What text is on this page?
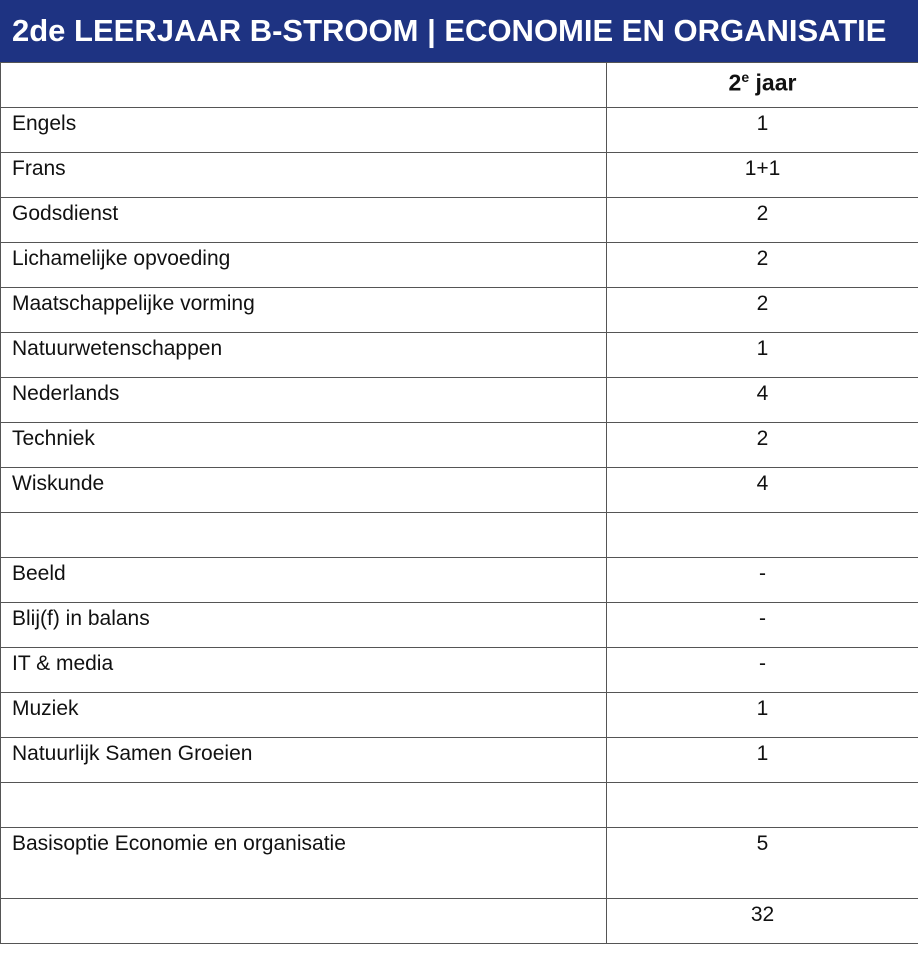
2de LEERJAAR B-STROOM | ECONOMIE EN ORGANISATIE
	2e jaar
Engels	1
Frans	1+1
Godsdienst	2
Lichamelijke opvoeding	2
Maatschappelijke vorming	2
Natuurwetenschappen	1
Nederlands	4
Techniek	2
Wiskunde	4

Beeld	-
Blij(f) in balans	-
IT & media	-
Muziek	1
Natuurlijk Samen Groeien	1

Basisoptie Economie en organisatie	5
	32
